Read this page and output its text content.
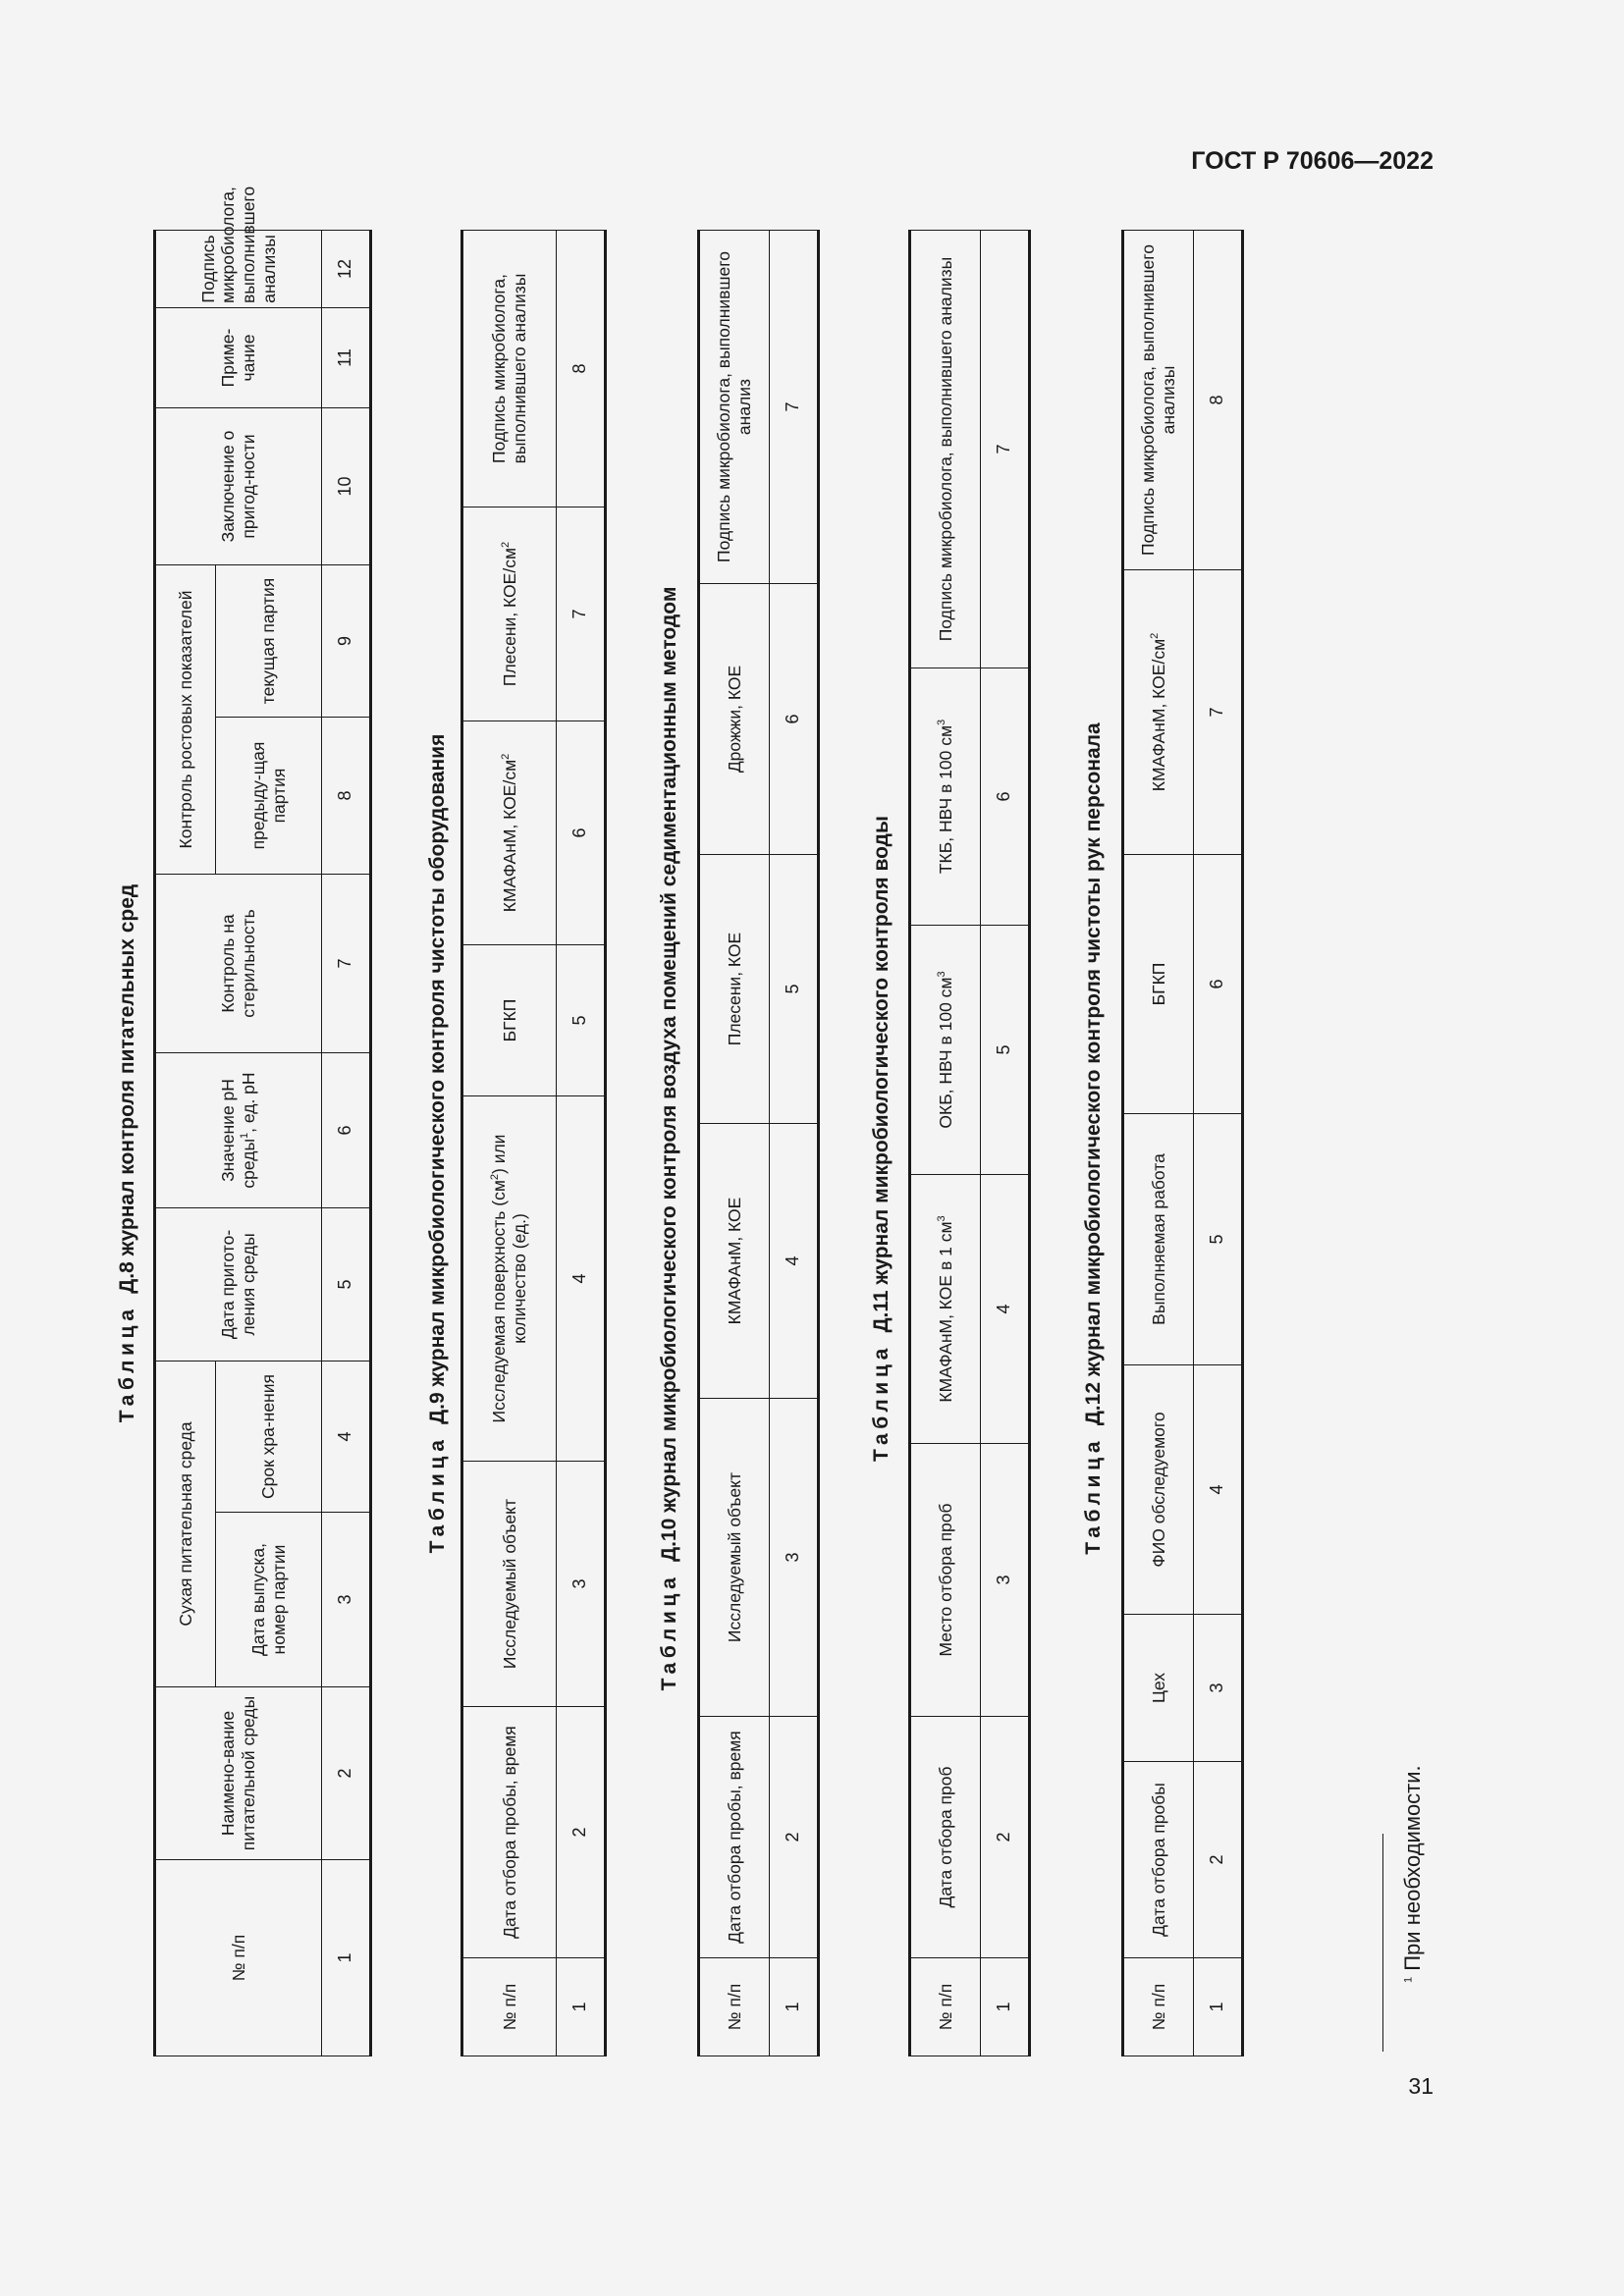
ГОСТ Р 70606—2022
Таблица  Д.8 журнал контроля питательных сред
№ п/п	Наимено-вание питательной среды	Сухая питательная среда		Дата пригото-ления среды	Значение pH среды$^1$, ед. pH	Контроль на стерильность	Контроль ростовых показателей		Заключение о пригод-ности	Приме-чание	Подпись микробиолога, выполнившего анализы
		Дата выпуска, номер партии	Срок хра-нения				предыду-щая партия	текущая партия			
1	2	3	4	5	6	7	8	9	10	11	12
Таблица  Д.9 журнал микробиологического контроля чистоты оборудования
№ п/п	Дата отбора пробы, время	Исследуемый объект	Исследуемая поверхность $(см^2)$ или количество (ед.)	БГКП	КМАФАнМ, КОЕ/$см^2$	Плесени, КОЕ/$см^2$	Подпись микробиолога, выполнившего анализы
1	2	3	4	5	6	7	8
Таблица  Д.10 журнал микробиологического контроля воздуха помещений седиментационным методом
№ п/п	Дата отбора пробы, время	Исследуемый объект	КМАФАнМ, КОЕ	Плесени, КОЕ	Дрожжи, КОЕ	Подпись микробиолога, выполнившего анализ
1	2	3	4	5	6	7
Таблица  Д.11 журнал микробиологического контроля воды
№ п/п	Дата отбора проб	Место отбора проб	КМАФАнМ, КОЕ в 1 $см^3$	ОКБ, НВЧ в 100 $см^3$	ТКБ, НВЧ в 100 $см^3$	Подпись микробиолога, выполнившего анализы
1	2	3	4	5	6	7
Таблица  Д.12 журнал микробиологического контроля чистоты рук персонала
№ п/п	Дата отбора пробы	Цех	ФИО обследуемого	Выполняемая работа	БГКП	КМАФАнМ, КОЕ/$см^2$	Подпись микробиолога, выполнившего анализы
1	2	3	4	5	6	7	8
$^1$ При необходимости.
31
